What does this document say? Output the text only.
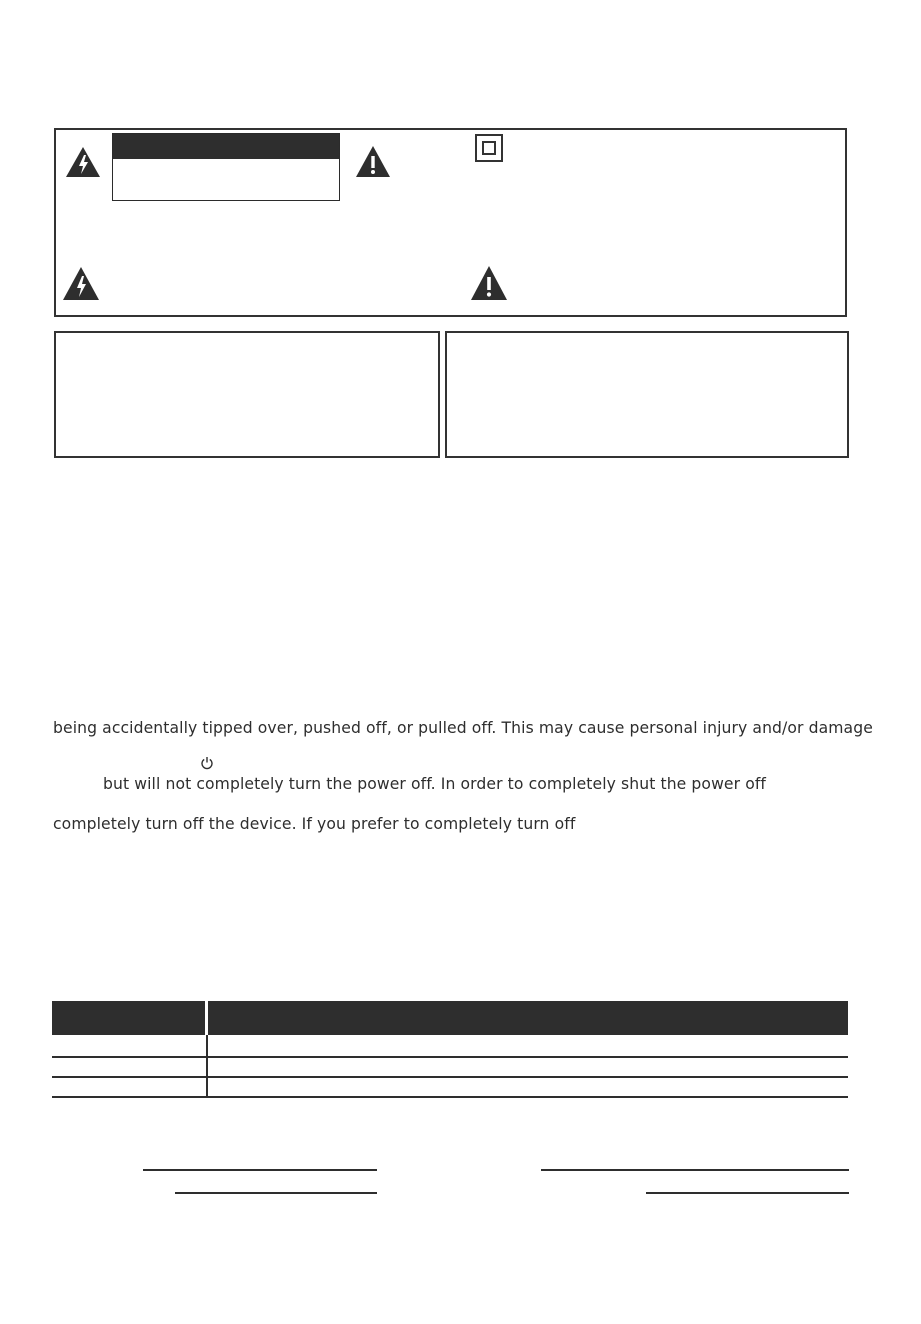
being accidentally tipped over, pushed off, or pulled off. This may cause personal injury and/or damage
but will not completely turn the power off. In order to completely shut the power off
completely turn off the device. If you prefer to completely turn off
